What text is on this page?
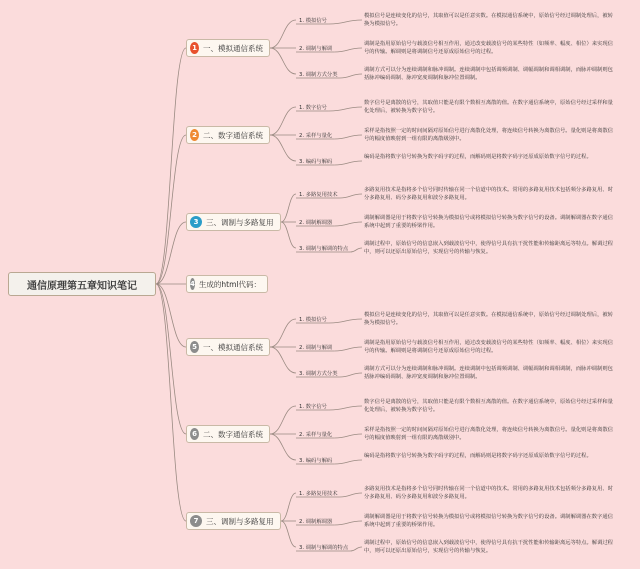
通信原理第五章知识笔记
1 一、模拟通信系统
1. 模拟信号
模拟信号是连续变化的信号，其取值可以是任意实数。在模拟通信系统中，原始信号经过调制处理后，被转换为模拟信号。
2. 调制与解调
调制是指用原始信号与载波信号相互作用，通过改变载波信号的某些特性（如频率、幅度、相位）来实现信号的传输。解调则是将调制信号还原成原始信号的过程。
3. 调制方式分类
调制方式可以分为连续调制和脉冲调制。连续调制中包括调频调制、调幅调制和调相调制，而脉冲调制则包括脉冲编码调制、脉冲宽度调制和脉冲位置调制。
2 二、数字通信系统
1. 数字信号
数字信号是离散的信号，其取值只能是有限个数相互离散的值。在数字通信系统中，原始信号经过采样和量化处理后，被转换为数字信号。
2. 采样与量化
采样是指按照一定的时间间隔对原始信号进行离散化处理，将连续信号转换为离散信号。量化则是将离散信号的幅度值映射到一组有限的离散级别中。
3. 编码与解码
编码是指将数字信号转换为数字码字的过程，而解码则是将数字码字还原成原始数字信号的过程。
3	三、调制与多路复用
1. 多路复用技术
多路复用技术是指将多个信号同时传输在同一个信道中的技术。常用的多路复用技术包括频分多路复用、时分多路复用、码分多路复用和波分多路复用。
2. 调制解调器
调制解调器是用于将数字信号转换为模拟信号或将模拟信号转换为数字信号的设备。调制解调器在数字通信系统中起到了重要的桥梁作用。
3. 调制与解调的特点
调制过程中，原始信号的信息嵌入到载波信号中，使得信号具有抗干扰性能和传输距离远等特点。解调过程中，则可以还原出原始信号，实现信号的传输与恢复。
4 生成的html代码：
5 一、模拟通信系统
1. 模拟信号
模拟信号是连续变化的信号，其取值可以是任意实数。在模拟通信系统中，原始信号经过调制处理后，被转换为模拟信号。
2. 调制与解调
调制是指用原始信号与载波信号相互作用，通过改变载波信号的某些特性（如频率、幅度、相位）来实现信号的传输。解调则是将调制信号还原成原始信号的过程。
3. 调制方式分类
调制方式可以分为连续调制和脉冲调制。连续调制中包括调频调制、调幅调制和调相调制，而脉冲调制则包括脉冲编码调制、脉冲宽度调制和脉冲位置调制。
6 二、数字通信系统
1. 数字信号
数字信号是离散的信号，其取值只能是有限个数相互离散的值。在数字通信系统中，原始信号经过采样和量化处理后，被转换为数字信号。
2. 采样与量化
采样是指按照一定的时间间隔对原始信号进行离散化处理，将连续信号转换为离散信号。量化则是将离散信号的幅度值映射到一组有限的离散级别中。
3. 编码与解码
编码是指将数字信号转换为数字码字的过程，而解码则是将数字码字还原成原始数字信号的过程。
7	三、调制与多路复用
1. 多路复用技术
多路复用技术是指将多个信号同时传输在同一个信道中的技术。常用的多路复用技术包括频分多路复用、时分多路复用、码分多路复用和波分多路复用。
2. 调制解调器
调制解调器是用于将数字信号转换为模拟信号或将模拟信号转换为数字信号的设备。调制解调器在数字通信系统中起到了重要的桥梁作用。
3. 调制与解调的特点
调制过程中，原始信号的信息嵌入到载波信号中，使得信号具有抗干扰性能和传输距离远等特点。解调过程中，则可以还原出原始信号，实现信号的传输与恢复。
